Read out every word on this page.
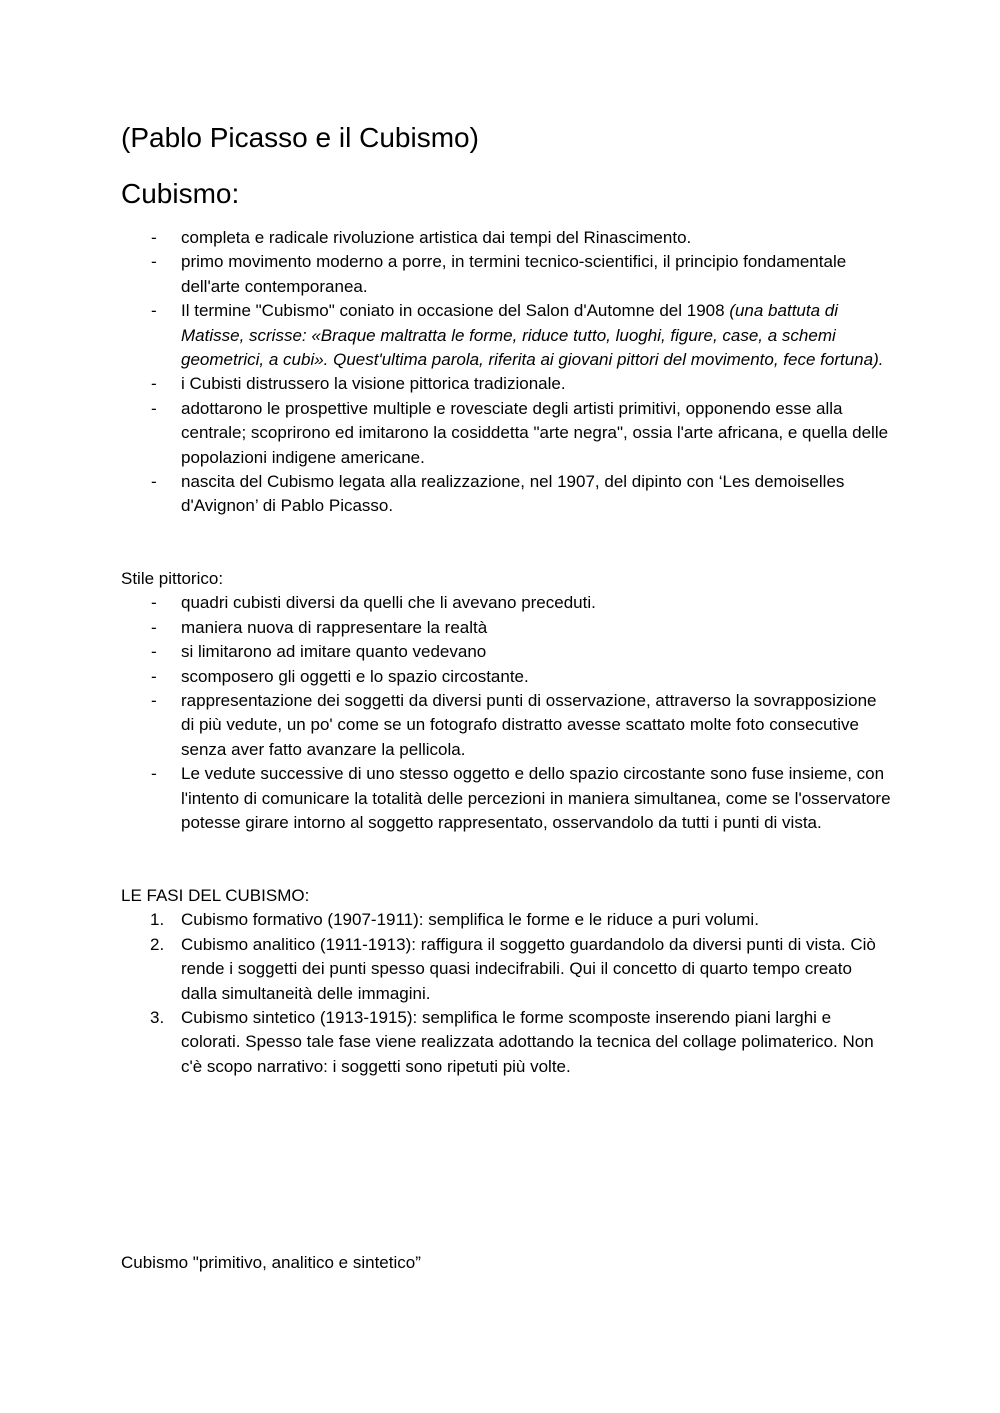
(Pablo Picasso e il Cubismo)
Cubismo:
- completa e radicale rivoluzione artistica dai tempi del Rinascimento.
- primo movimento moderno a porre, in termini tecnico-scientifici, il principio fondamentale dell'arte contemporanea.
- Il termine "Cubismo" coniato in occasione del Salon d'Automne del 1908 (una battuta di Matisse, scrisse: «Braque maltratta le forme, riduce tutto, luoghi, figure, case, a schemi geometrici, a cubi». Quest'ultima parola, riferita ai giovani pittori del movimento, fece fortuna).
- i Cubisti distrussero la visione pittorica tradizionale.
- adottarono le prospettive multiple e rovesciate degli artisti primitivi, opponendo esse alla centrale; scoprirono ed imitarono la cosiddetta "arte negra", ossia l'arte africana, e quella delle popolazioni indigene americane.
- nascita del Cubismo legata alla realizzazione, nel 1907, del dipinto con ‘Les demoiselles d'Avignon’ di Pablo Picasso.

Stile pittorico:

- quadri cubisti diversi da quelli che li avevano preceduti.
- maniera nuova di rappresentare la realtà
- si limitarono ad imitare quanto vedevano
- scomposero gli oggetti e lo spazio circostante.
- rappresentazione dei soggetti da diversi punti di osservazione, attraverso la sovrapposizione di più vedute, un po' come se un fotografo distratto avesse scattato molte foto consecutive senza aver fatto avanzare la pellicola.
- Le vedute successive di uno stesso oggetto e dello spazio circostante sono fuse insieme, con l'intento di comunicare la totalità delle percezioni in maniera simultanea, come se l'osservatore potesse girare intorno al soggetto rappresentato, osservandolo da tutti i punti di vista.

LE FASI DEL CUBISMO:

1. Cubismo formativo (1907-1911): semplifica le forme e le riduce a puri volumi.
2. Cubismo analitico (1911-1913): raffigura il soggetto guardandolo da diversi punti di vista. Ciò rende i soggetti dei punti spesso quasi indecifrabili. Qui il concetto di quarto tempo creato dalla simultaneità delle immagini.
3. Cubismo sintetico (1913-1915): semplifica le forme scomposte inserendo piani larghi e colorati. Spesso tale fase viene realizzata adottando la tecnica del collage polimaterico. Non c'è scopo narrativo: i soggetti sono ripetuti più volte.

Cubismo "primitivo, analitico e sintetico”
